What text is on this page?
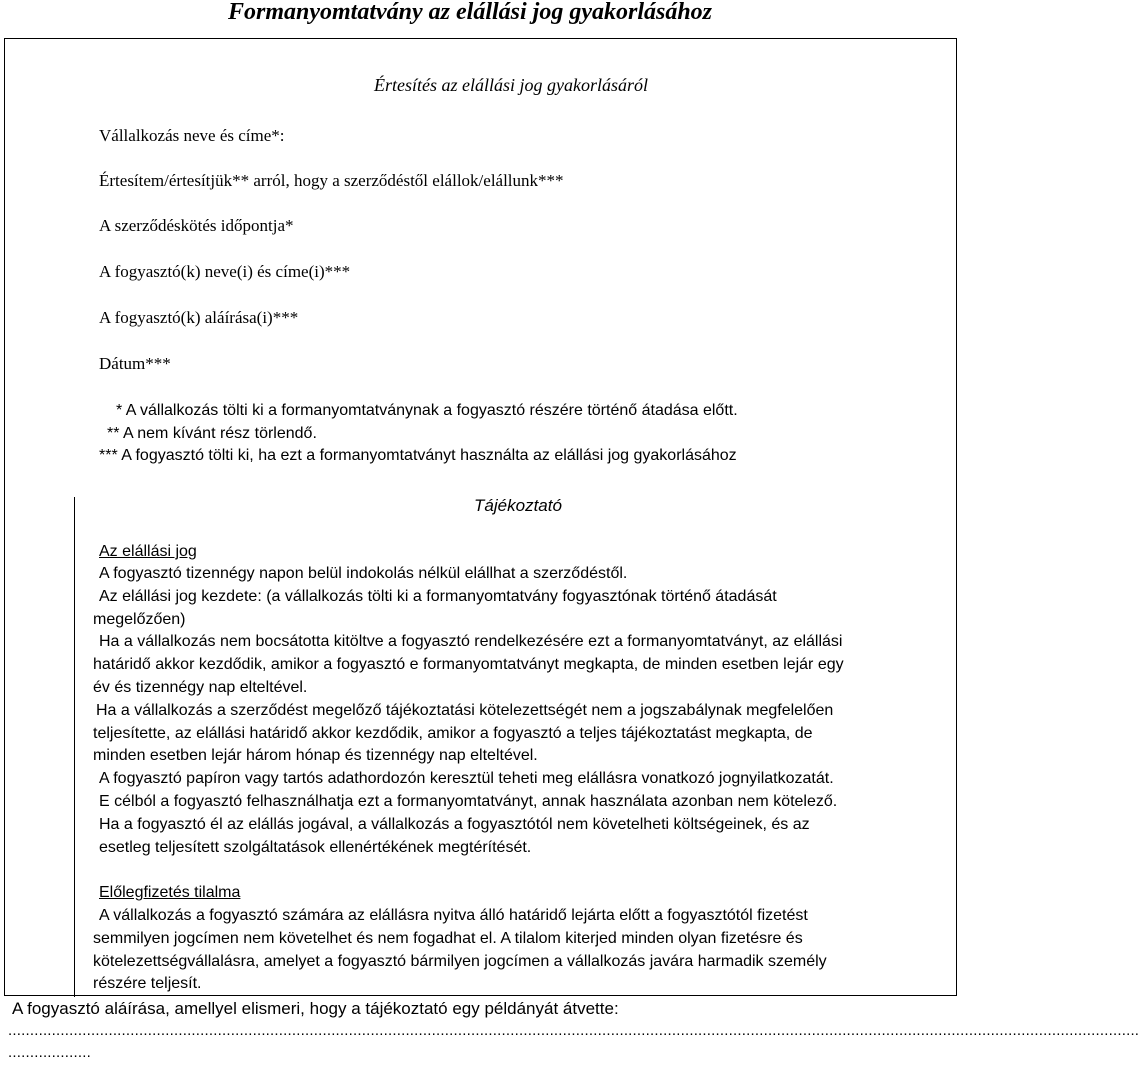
Formanyomtatvány az elállási jog gyakorlásához
Értesítés az elállási jog gyakorlásáról
Vállalkozás neve és címe*:
Értesítem/értesítjük** arról, hogy a szerződéstől elállok/elállunk***
A szerződéskötés időpontja*
A fogyasztó(k) neve(i) és címe(i)***
A fogyasztó(k) aláírása(i)***
Dátum***
* A vállalkozás tölti ki a formanyomtatványnak a fogyasztó részére történő átadása előtt.
** A nem kívánt rész törlendő.
*** A fogyasztó tölti ki, ha ezt a formanyomtatványt használta az elállási jog gyakorlásához
Tájékoztató
Az elállási jog
A fogyasztó tizennégy napon belül indokolás nélkül elállhat a szerződéstől.
Az elállási jog kezdete: (a vállalkozás tölti ki a formanyomtatvány fogyasztónak történő átadását
megelőzően)
Ha a vállalkozás nem bocsátotta kitöltve a fogyasztó rendelkezésére ezt a formanyomtatványt, az elállási
határidő akkor kezdődik, amikor a fogyasztó e formanyomtatványt megkapta, de minden esetben lejár egy
év és tizennégy nap elteltével.
Ha a vállalkozás a szerződést megelőző tájékoztatási kötelezettségét nem a jogszabálynak megfelelően
teljesítette, az elállási határidő akkor kezdődik, amikor a fogyasztó a teljes tájékoztatást megkapta, de
minden esetben lejár három hónap és tizennégy nap elteltével.
A fogyasztó papíron vagy tartós adathordozón keresztül teheti meg elállásra vonatkozó jognyilatkozatát.
E célból a fogyasztó felhasználhatja ezt a formanyomtatványt, annak használata azonban nem kötelező.
Ha a fogyasztó él az elállás jogával, a vállalkozás a fogyasztótól nem követelheti költségeinek, és az
esetleg teljesített szolgáltatások ellenértékének megtérítését.
Előlegfizetés tilalma
A vállalkozás a fogyasztó számára az elállásra nyitva álló határidő lejárta előtt a fogyasztótól fizetést
semmilyen jogcímen nem követelhet és nem fogadhat el. A tilalom kiterjed minden olyan fizetésre és
kötelezettségvállalásra, amelyet a fogyasztó bármilyen jogcímen a vállalkozás javára harmadik személy
részére teljesít.
A fogyasztó aláírása, amellyel elismeri, hogy a tájékoztató egy példányát átvette:
...................................................................................................................................................................................................................................................................
...................
